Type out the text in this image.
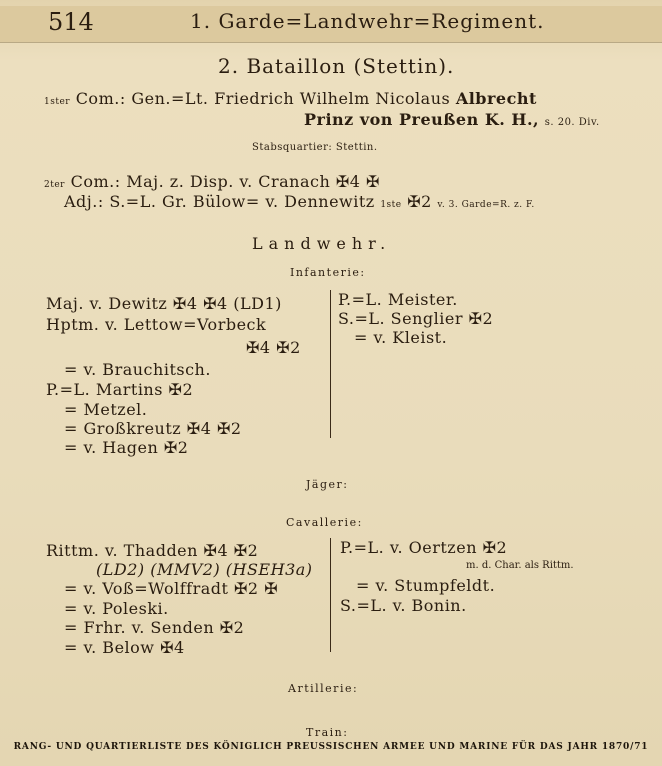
514	1. Garde=Landwehr=Regiment.
2. Bataillon (Stettin).
1ster Com.: Gen.=Lt. Friedrich Wilhelm Nicolaus Albrecht
Prinz von Preußen K. H., s. 20. Div.
Stabsquartier: Stettin.
2ter Com.: Maj. z. Disp. v. Cranach ✠4 ✠
Adj.: S.=L. Gr. Bülow= v. Dennewitz 1ste ✠2 v. 3. Garde=R. z. F.
Landwehr.
Infanterie:
Maj. v. Dewitz ✠4 ✠4 (LD1)
Hptm. v. Lettow=Vorbeck
✠4 ✠2
= v. Brauchitsch.
P.=L. Martins ✠2
= Metzel.
= Großkreutz ✠4 ✠2
= v. Hagen ✠2
P.=L. Meister.
S.=L. Senglier ✠2
= v. Kleist.
Jäger:
Cavallerie:
Rittm. v. Thadden ✠4 ✠2
(LD2) (MMV2) (HSEH3a)
= v. Voß=Wolffradt ✠2 ✠
= v. Poleski.
= Frhr. v. Senden ✠2
= v. Below ✠4
P.=L. v. Oertzen ✠2
m. d. Char. als Rittm.
= v. Stumpfeldt.
S.=L. v. Bonin.
Artillerie:
Train:
RANG- UND QUARTIERLISTE DES KÖNIGLICH PREUSSISCHEN ARMEE UND MARINE FÜR DAS JAHR 1870/71
